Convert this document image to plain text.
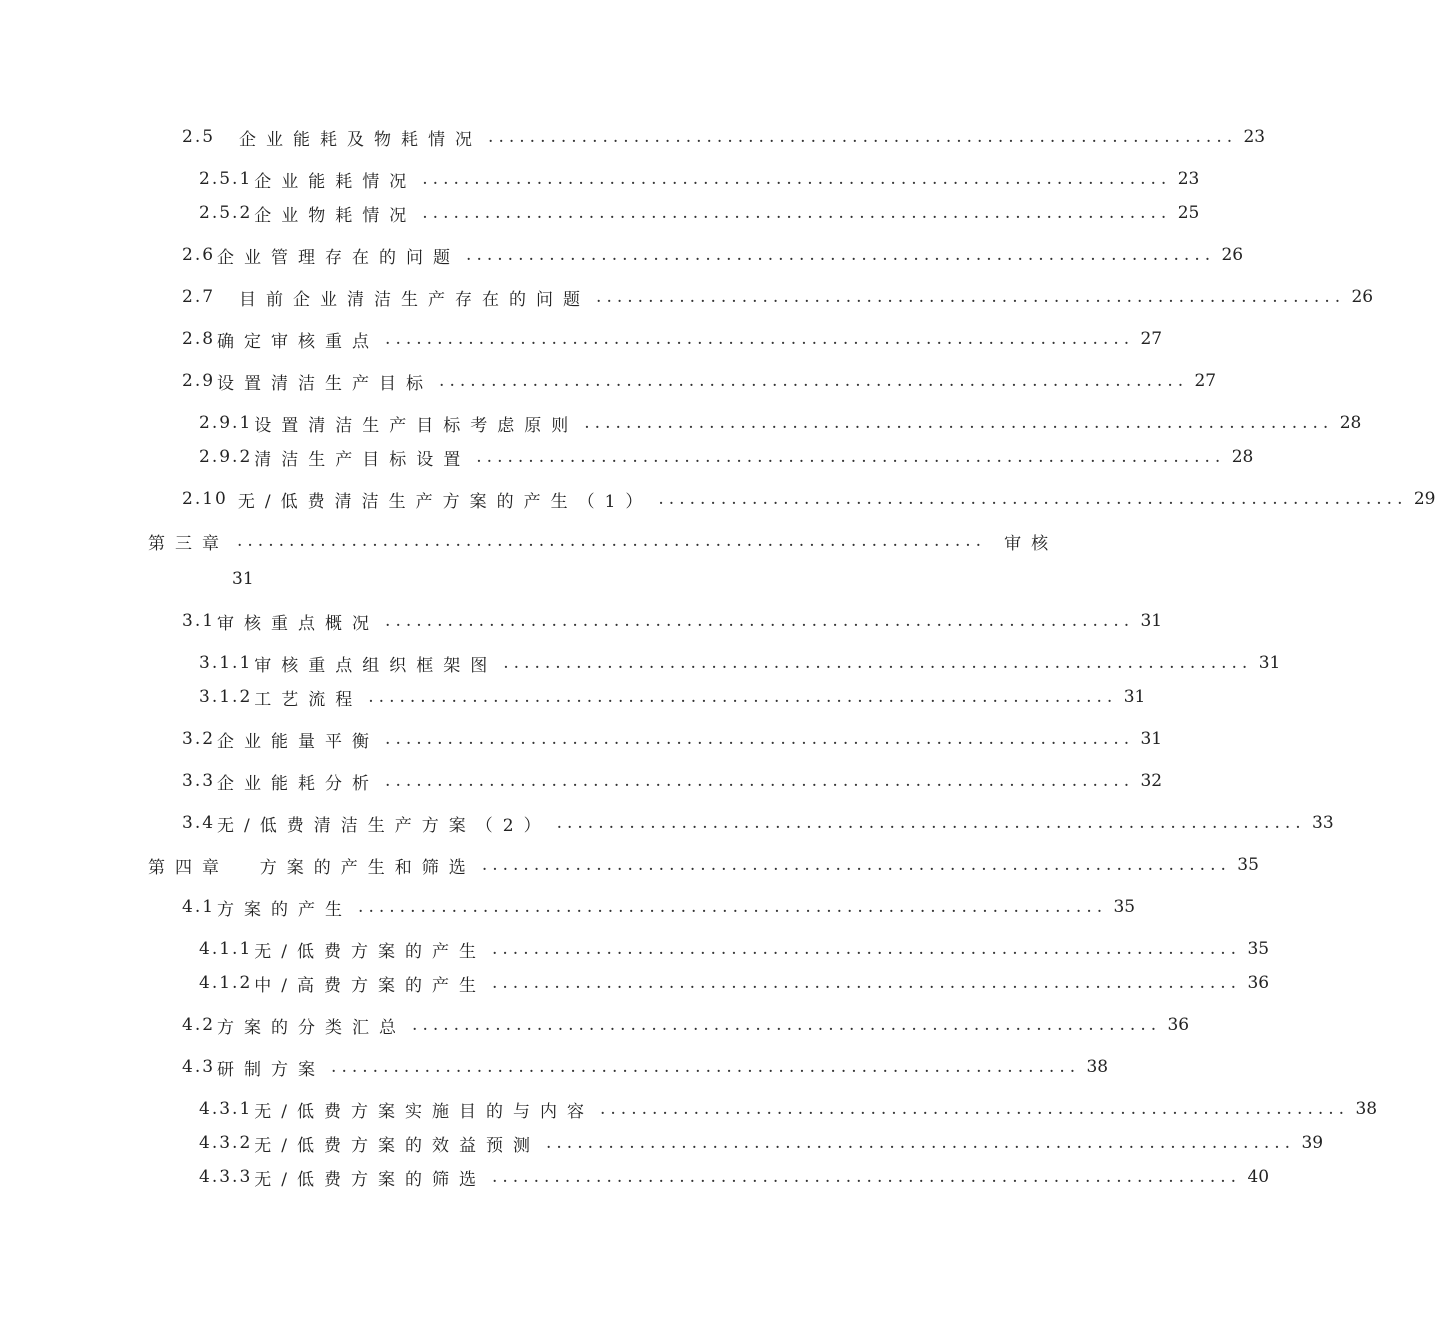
2.5 企业能耗及物耗情况 ........................................................................ 23
2.5.1 企业能耗情况 ........................................................................ 23
2.5.2 企业物耗情况 ........................................................................ 25
2.6 企业管理存在的问题 ........................................................................ 26
2.7 目前企业清洁生产存在的问题 ........................................................................ 26
2.8 确定审核重点 ........................................................................ 27
2.9 设置清洁生产目标 ........................................................................ 27
2.9.1 设置清洁生产目标考虑原则 ........................................................................ 28
2.9.2 清洁生产目标设置 ........................................................................ 28
2.10 无/低费清洁生产方案的产生（1） ........................................................................ 29
第三章 ........................................................................ 审核
31
3.1 审核重点概况 ........................................................................ 31
3.1.1 审核重点组织框架图 ........................................................................ 31
3.1.2 工艺流程 ........................................................................ 31
3.2 企业能量平衡 ........................................................................ 31
3.3 企业能耗分析 ........................................................................ 32
3.4 无/低费清洁生产方案（2） ........................................................................ 33
第四章  方案的产生和筛选 ........................................................................ 35
4.1 方案的产生 ........................................................................ 35
4.1.1 无/低费方案的产生 ........................................................................ 35
4.1.2 中/高费方案的产生 ........................................................................ 36
4.2 方案的分类汇总 ........................................................................ 36
4.3 研制方案 ........................................................................ 38
4.3.1 无/低费方案实施目的与内容 ........................................................................ 38
4.3.2 无/低费方案的效益预测 ........................................................................ 39
4.3.3 无/低费方案的筛选 ........................................................................ 40
